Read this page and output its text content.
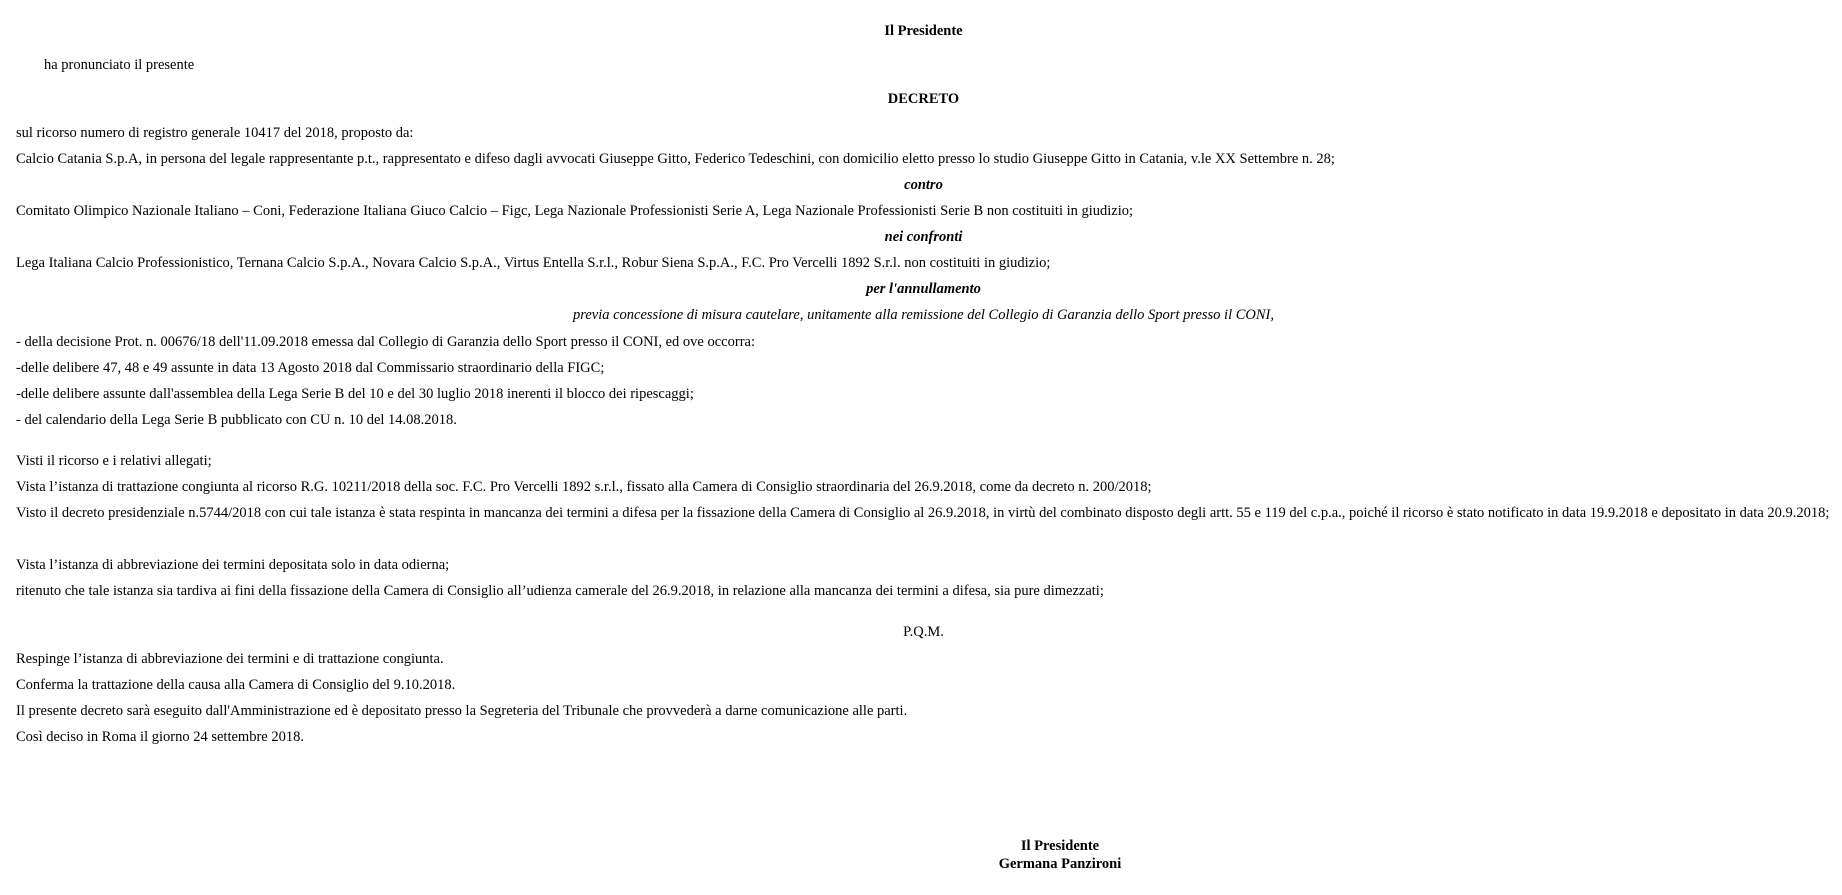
Il Presidente
ha pronunciato il presente
DECRETO
sul ricorso numero di registro generale 10417 del 2018, proposto da:
Calcio Catania S.p.A, in persona del legale rappresentante p.t., rappresentato e difeso dagli avvocati Giuseppe Gitto, Federico Tedeschini, con domicilio eletto presso lo studio Giuseppe Gitto in Catania, v.le XX Settembre n. 28;
contro
Comitato Olimpico Nazionale Italiano – Coni, Federazione Italiana Giuco Calcio – Figc, Lega Nazionale Professionisti Serie A, Lega Nazionale Professionisti Serie B non costituiti in giudizio;
nei confronti
Lega Italiana Calcio Professionistico, Ternana Calcio S.p.A., Novara Calcio S.p.A., Virtus Entella S.r.l., Robur Siena S.p.A., F.C. Pro Vercelli 1892 S.r.l. non costituiti in giudizio;
per l'annullamento
previa concessione di misura cautelare, unitamente alla remissione del Collegio di Garanzia dello Sport presso il CONI,
- della decisione Prot. n. 00676/18 dell'11.09.2018 emessa dal Collegio di Garanzia dello Sport presso il CONI, ed ove occorra:
-delle delibere 47, 48 e 49 assunte in data 13 Agosto 2018 dal Commissario straordinario della FIGC;
-delle delibere assunte dall'assemblea della Lega Serie B del 10 e del 30 luglio 2018 inerenti il blocco dei ripescaggi;
- del calendario della Lega Serie B pubblicato con CU n. 10 del 14.08.2018.
Visti il ricorso e i relativi allegati;
Vista l’istanza di trattazione congiunta al ricorso R.G. 10211/2018 della soc. F.C. Pro Vercelli 1892 s.r.l., fissato alla Camera di Consiglio straordinaria del 26.9.2018, come da decreto n. 200/2018;
Visto il decreto presidenziale n.5744/2018 con cui tale istanza è stata respinta in mancanza dei termini a difesa per la fissazione della Camera di Consiglio al 26.9.2018, in virtù del combinato disposto degli artt. 55 e 119 del c.p.a., poiché il ricorso è stato notificato in data 19.9.2018 e depositato in data 20.9.2018;
Vista l’istanza di abbreviazione dei termini depositata solo in data odierna;
ritenuto che tale istanza sia tardiva ai fini della fissazione della Camera di Consiglio all’udienza camerale del 26.9.2018, in relazione alla mancanza dei termini a difesa, sia pure dimezzati;
P.Q.M.
Respinge l’istanza di abbreviazione dei termini e di trattazione congiunta.
Conferma la trattazione della causa alla Camera di Consiglio del 9.10.2018.
Il presente decreto sarà eseguito dall'Amministrazione ed è depositato presso la Segreteria del Tribunale che provvederà a darne comunicazione alle parti.
Così deciso in Roma il giorno 24 settembre 2018.
Il Presidente
Germana Panzironi
